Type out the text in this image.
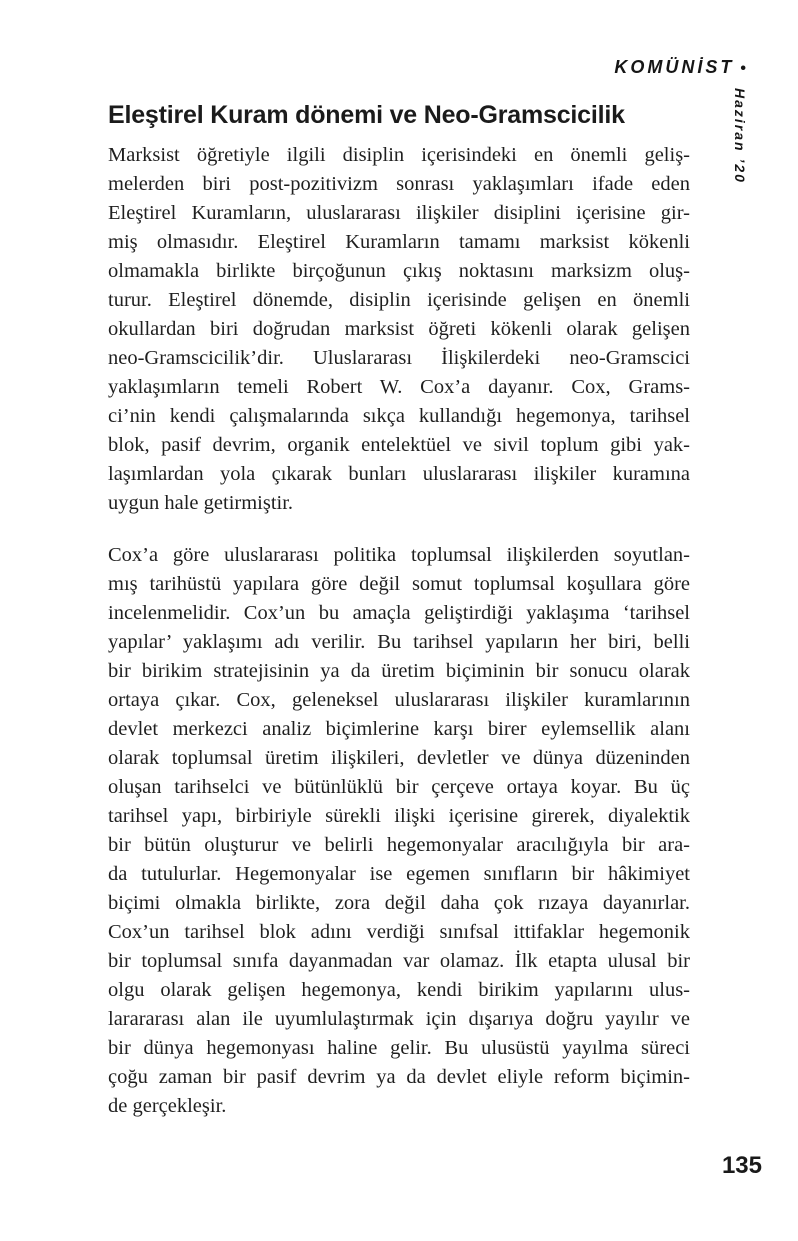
KOMÜNİST •
Haziran ’20
Eleştirel Kuram dönemi ve Neo-Gramscicilik
Marksist öğretiyle ilgili disiplin içerisindeki en önemli geliş-
melerden biri post-pozitivizm sonrası yaklaşımları ifade eden
Eleştirel Kuramların, uluslararası ilişkiler disiplini içerisine gir-
miş olmasıdır. Eleştirel Kuramların tamamı marksist kökenli
olmamakla birlikte birçoğunun çıkış noktasını marksizm oluş-
turur. Eleştirel dönemde, disiplin içerisinde gelişen en önemli
okullardan biri doğrudan marksist öğreti kökenli olarak gelişen
neo-Gramscicilik’dir. Uluslararası İlişkilerdeki neo-Gramscici
yaklaşımların temeli Robert W. Cox’a dayanır. Cox, Grams-
ci’nin kendi çalışmalarında sıkça kullandığı hegemonya, tarihsel
blok, pasif devrim, organik entelektüel ve sivil toplum gibi yak-
laşımlardan yola çıkarak bunları uluslararası ilişkiler kuramına
uygun hale getirmiştir.
Cox’a göre uluslararası politika toplumsal ilişkilerden soyutlan-
mış tarihüstü yapılara göre değil somut toplumsal koşullara göre
incelenmelidir. Cox’un bu amaçla geliştirdiği yaklaşıma ‘tarihsel
yapılar’ yaklaşımı adı verilir. Bu tarihsel yapıların her biri, belli
bir birikim stratejisinin ya da üretim biçiminin bir sonucu olarak
ortaya çıkar. Cox, geleneksel uluslararası ilişkiler kuramlarının
devlet merkezci analiz biçimlerine karşı birer eylemsellik alanı
olarak toplumsal üretim ilişkileri, devletler ve dünya düzeninden
oluşan tarihselci ve bütünlüklü bir çerçeve ortaya koyar. Bu üç
tarihsel yapı, birbiriyle sürekli ilişki içerisine girerek, diyalektik
bir bütün oluşturur ve belirli hegemonyalar aracılığıyla bir ara-
da tutulurlar. Hegemonyalar ise egemen sınıfların bir hâkimiyet
biçimi olmakla birlikte, zora değil daha çok rızaya dayanırlar.
Cox’un tarihsel blok adını verdiği sınıfsal ittifaklar hegemonik
bir toplumsal sınıfa dayanmadan var olamaz. İlk etapta ulusal bir
olgu olarak gelişen hegemonya, kendi birikim yapılarını ulus-
larararası alan ile uyumlulaştırmak için dışarıya doğru yayılır ve
bir dünya hegemonyası haline gelir. Bu ulusüstü yayılma süreci
çoğu zaman bir pasif devrim ya da devlet eliyle reform biçimin-
de gerçekleşir.
135
